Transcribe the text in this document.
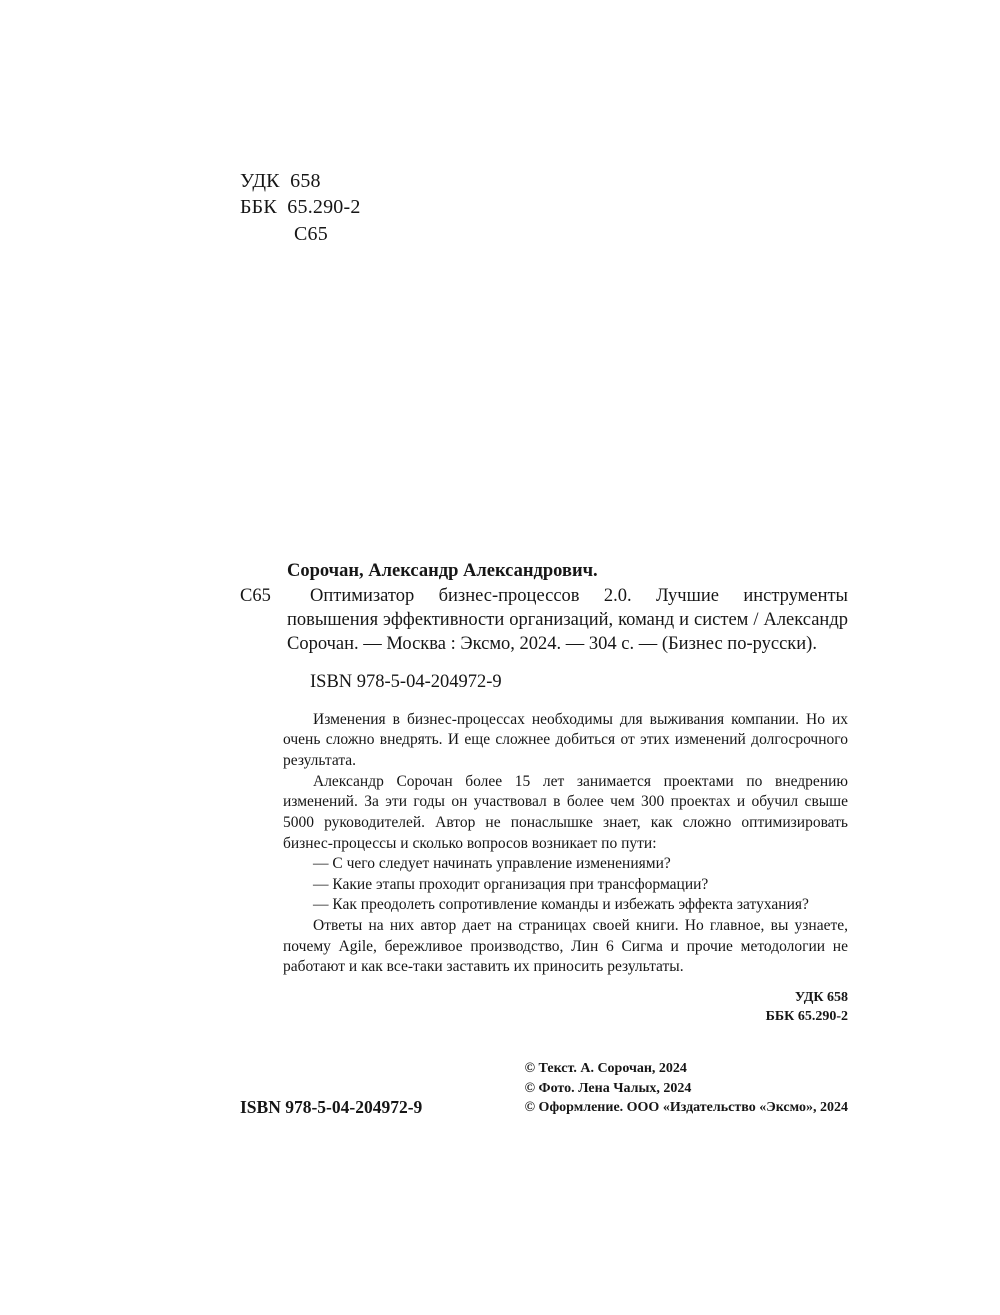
УДК  658
ББК  65.290-2
С65
Сорочан, Александр Александрович.
С65 Оптимизатор бизнес-процессов 2.0. Лучшие инструменты повышения эффективности организаций, команд и систем / Александр Сорочан. — Москва : Эксмо, 2024. — 304 с. — (Бизнес по-русски).
ISBN 978-5-04-204972-9

Изменения в бизнес-процессах необходимы для выживания компании. Но их очень сложно внедрять. И еще сложнее добиться от этих изменений долгосрочного результата.

Александр Сорочан более 15 лет занимается проектами по внедрению изменений. За эти годы он участвовал в более чем 300 проектах и обучил свыше 5000 руководителей. Автор не понаслышке знает, как сложно оптимизировать бизнес-процессы и сколько вопросов возникает по пути:

— С чего следует начинать управление изменениями?

— Какие этапы проходит организация при трансформации?

— Как преодолеть сопротивление команды и избежать эффекта затухания?

Ответы на них автор дает на страницах своей книги. Но главное, вы узнаете, почему Agile, бережливое производство, Лин 6 Сигма и прочие методологии не работают и как все-таки заставить их приносить результаты.

УДК 658
ББК 65.290-2
ISBN 978-5-04-204972-9
© Текст. А. Сорочан, 2024
© Фото. Лена Чалых, 2024
© Оформление. ООО «Издательство «Эксмо», 2024
